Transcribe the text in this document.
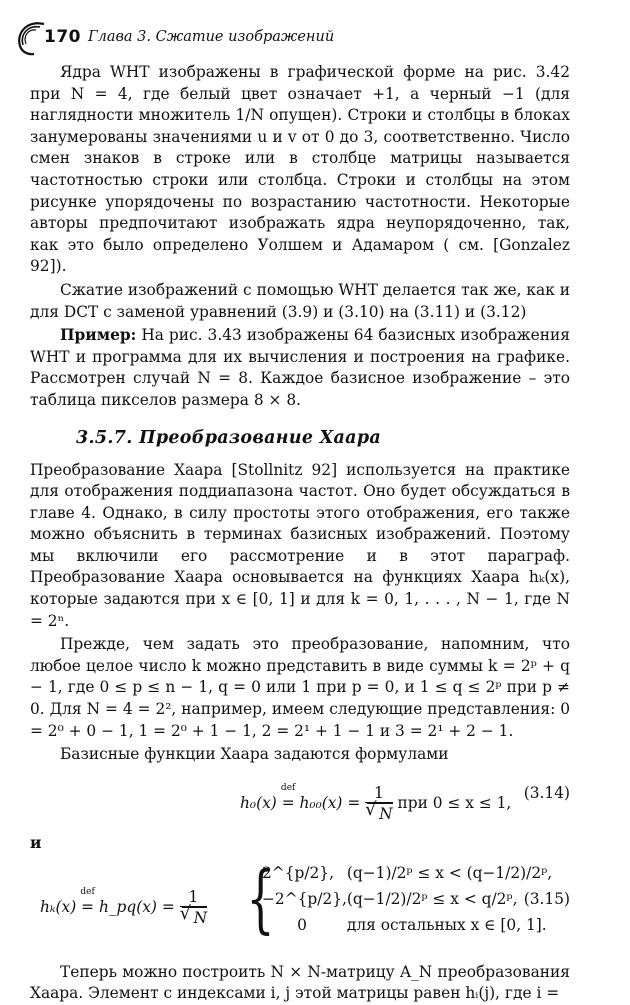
170 Глава 3. Сжатие изображений

Ядра WHT изображены в графической форме на рис. 3.42 при N = 4, где белый цвет означает +1, а черный −1 (для наглядности множитель 1/N опущен). Строки и столбцы в блоках занумерованы значениями u и v от 0 до 3, соответственно. Число смен знаков в строке или в столбце матрицы называется частотностью строки или столбца. Строки и столбцы на этом рисунке упорядочены по возрастанию частотности. Некоторые авторы предпочитают изображать ядра неупорядоченно, так, как это было определено Уолшем и Адамаром ( см. [Gonzalez 92]).

Сжатие изображений с помощью WHT делается так же, как и для DCT с заменой уравнений (3.9) и (3.10) на (3.11) и (3.12)

Пример: На рис. 3.43 изображены 64 базисных изображения WHT и программа для их вычисления и построения на графике. Рассмотрен случай N = 8. Каждое базисное изображение – это таблица пикселов размера 8 × 8.

3.5.7. Преобразование Хаара

Преобразование Хаара [Stollnitz 92] используется на практике для отображения поддиапазона частот. Оно будет обсуждаться в главе 4. Однако, в силу простоты этого отображения, его также можно объяснить в терминах базисных изображений. Поэтому мы включили его рассмотрение и в этот параграф. Преобразование Хаара основывается на функциях Хаара hₖ(x), которые задаются при x ∈ [0, 1] и для k = 0, 1, . . . , N − 1, где N = 2ⁿ.

Прежде, чем задать это преобразование, напомним, что любое целое число k можно представить в виде суммы k = 2ᵖ + q − 1, где 0 ≤ p ≤ n − 1, q = 0 или 1 при p = 0, и 1 ≤ q ≤ 2ᵖ при p ≠ 0. Для N = 4 = 2², например, имеем следующие представления: 0 = 2⁰ + 0 − 1, 1 = 2⁰ + 1 − 1, 2 = 2¹ + 1 − 1 и 3 = 2¹ + 2 − 1.

Базисные функции Хаара задаются формулами

h₀(x)
def
= h₀₀(x) = 1
√ N при 0 ≤ x ≤ 1,
(3.14)
и
hₖ(x)
def
= h_pq(x) = 1
√ N {
2^{p/2}, (q−1)/2ᵖ ≤ x < (q−1/2)/2ᵖ,
−2^{p/2}, (q−1/2)/2ᵖ ≤ x < q/2ᵖ,
0	для остальных x ∈ [0, 1].
(3.15)

Теперь можно построить N × N-матрицу A_N преобразования Хаара. Элемент с индексами i, j этой матрицы равен hᵢ(j), где i =
